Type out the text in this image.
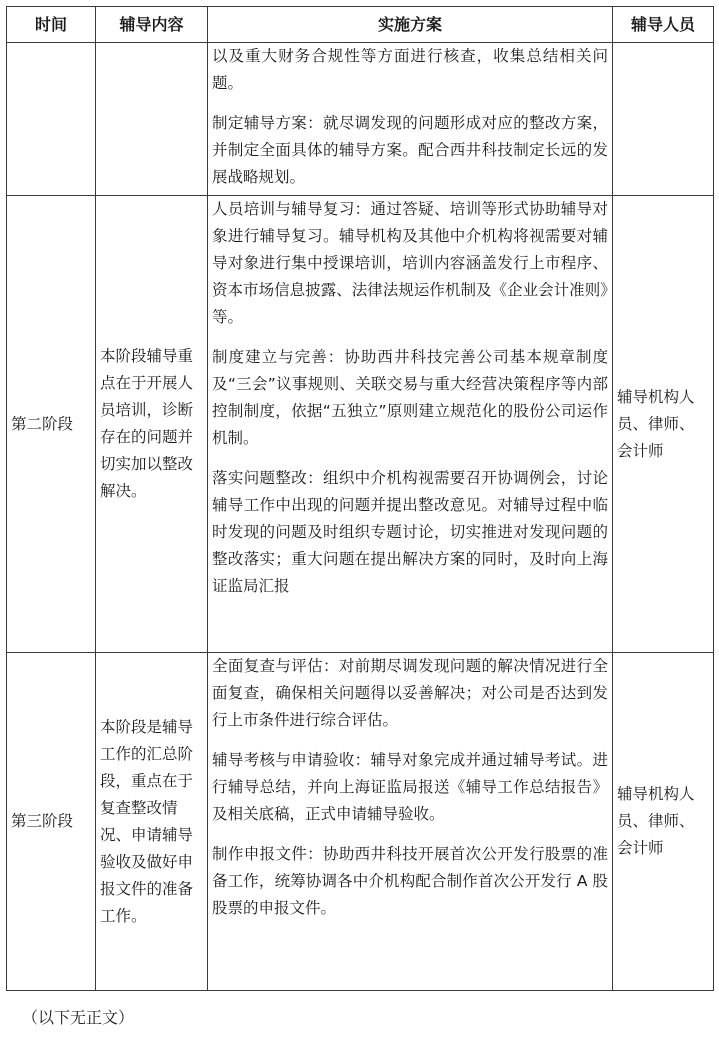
时间	辅导内容	实施方案	辅导人员

		以及重大财务合规性等方面进行核查，收集总结相关问题。

制定辅导方案：就尽调发现的问题形成对应的整改方案，并制定全面具体的辅导方案。配合西井科技制定长远的发展战略规划。	

第二阶段	本阶段辅导重点在于开展人员培训，诊断存在的问题并切实加以整改解决。	人员培训与辅导复习：通过答疑、培训等形式协助辅导对象进行辅导复习。辅导机构及其他中介机构将视需要对辅导对象进行集中授课培训，培训内容涵盖发行上市程序、资本市场信息披露、法律法规运作机制及《企业会计准则》等。

制度建立与完善：协助西井科技完善公司基本规章制度及“三会”议事规则、关联交易与重大经营决策程序等内部控制制度，依据“五独立”原则建立规范化的股份公司运作机制。

落实问题整改：组织中介机构视需要召开协调例会，讨论辅导工作中出现的问题并提出整改意见。对辅导过程中临时发现的问题及时组织专题讨论，切实推进对发现问题的整改落实；重大问题在提出解决方案的同时，及时向上海证监局汇报	辅导机构人员、律师、会计师
第三阶段	本阶段是辅导工作的汇总阶段，重点在于复查整改情况、申请辅导验收及做好申报文件的准备工作。	全面复查与评估：对前期尽调发现问题的解决情况进行全面复查，确保相关问题得以妥善解决；对公司是否达到发行上市条件进行综合评估。

辅导考核与申请验收：辅导对象完成并通过辅导考试。进行辅导总结，并向上海证监局报送《辅导工作总结报告》及相关底稿，正式申请辅导验收。

制作申报文件：协助西井科技开展首次公开发行股票的准备工作，统筹协调各中介机构配合制作首次公开发行 A 股股票的申报文件。	辅导机构人员、律师、会计师
（以下无正文）
